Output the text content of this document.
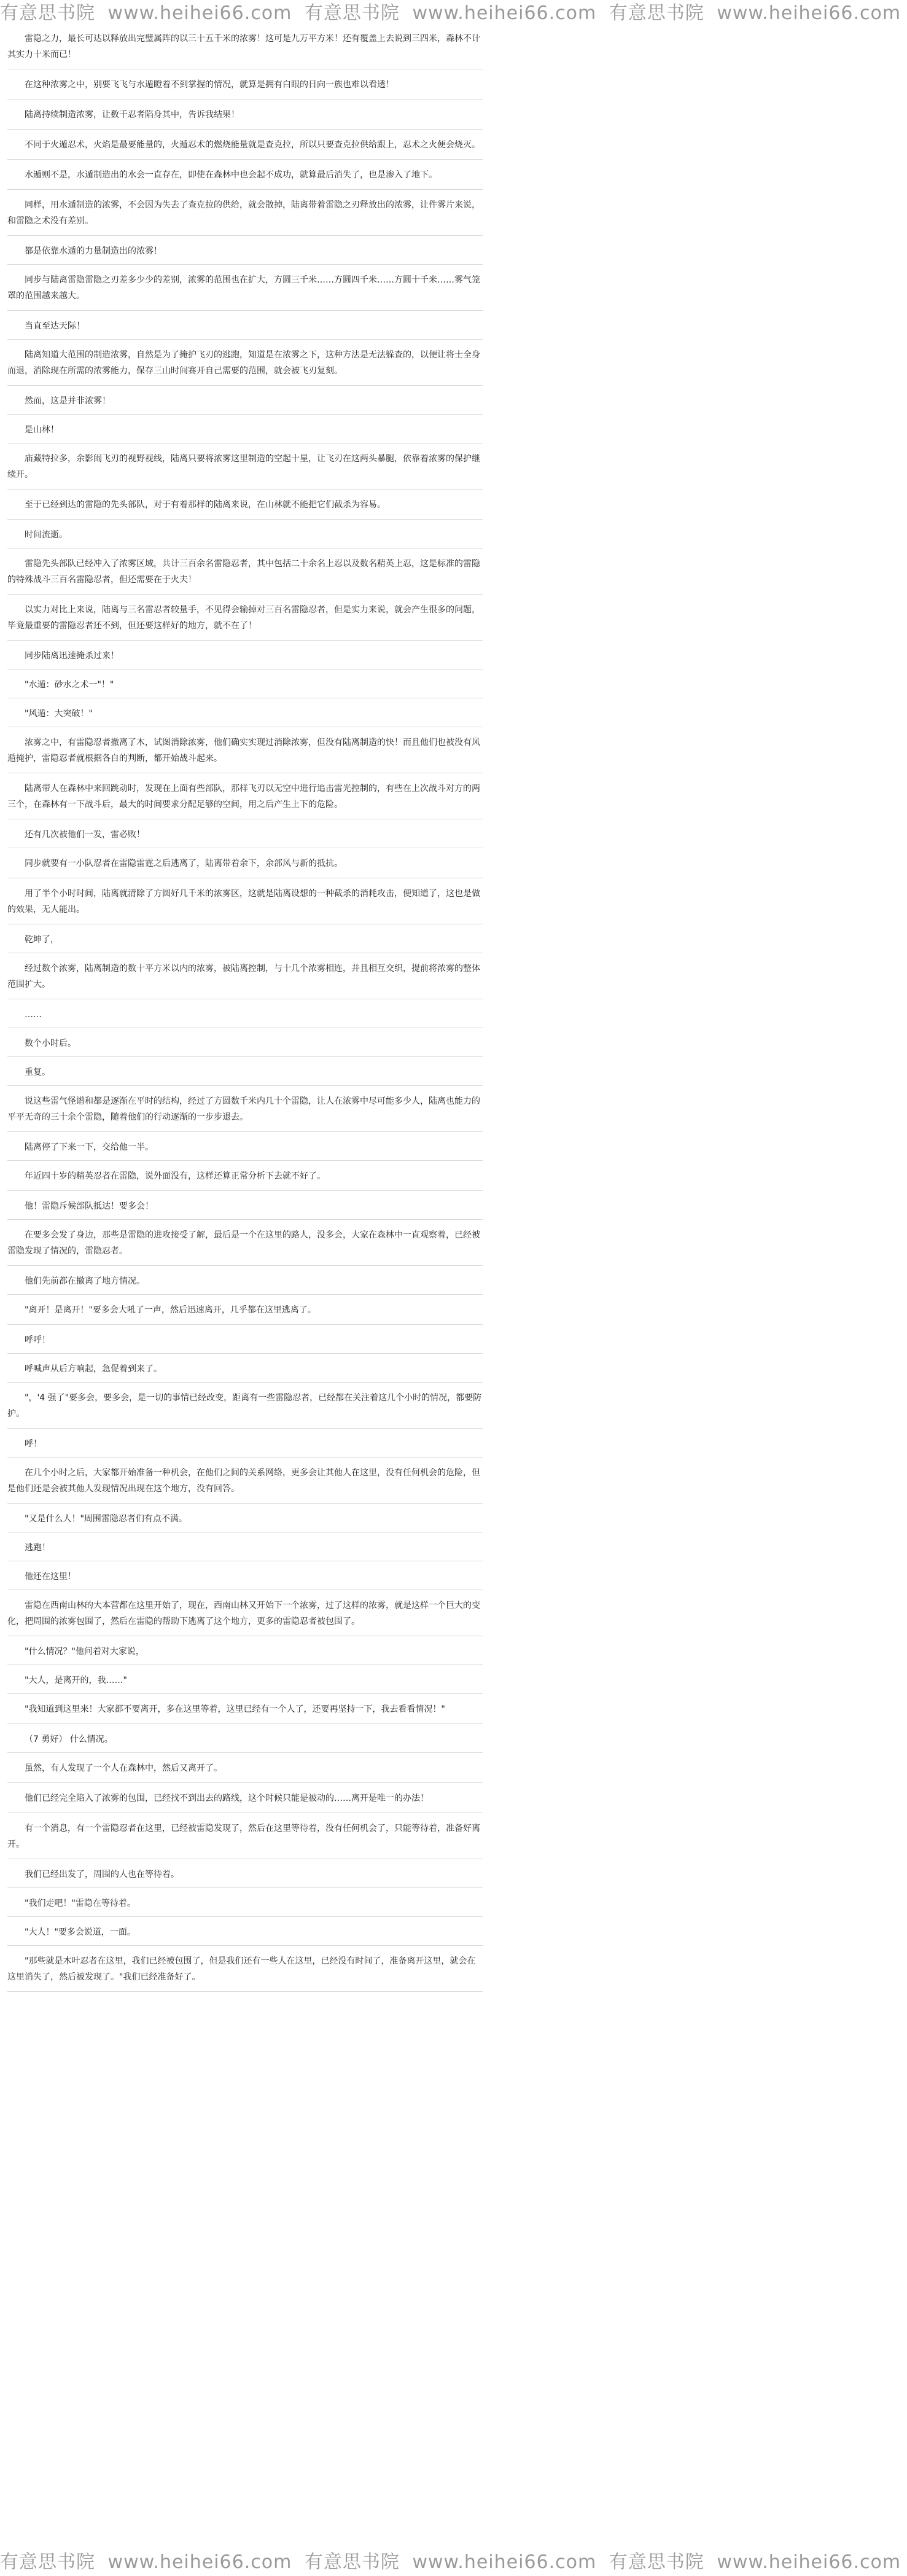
有意思书院 www.heihei66.com 有意思书院 www.heihei66.com 有意思书院 www.heihei66.com

雷隐之力，最长可达以释放出完璧属阵的以三十五千米的浓雾！这可是九万平方米！还有覆盖上去说到三四米，森林不计其实力十米而已！

在这种浓雾之中，别要飞飞与水遁瞪着不到掌握的情况，就算是拥有白眼的日向一族也难以看透！

陆离持续制造浓雾，让数千忍者陷身其中，告诉我结果！

不同于火遁忍术，火焰是最要能量的，火遁忍术的燃烧能量就是查克拉，所以只要查克拉供给跟上，忍术之火便会烧灭。

水遁则不是，水遁制造出的水会一直存在，即使在森林中也会起不成功，就算最后消失了，也是渗入了地下。

同样，用水遁制造的浓雾，不会因为失去了查克拉的供给，就会散掉，陆离带着雷隐之刃释放出的浓雾，让件雾片来说，和雷隐之术没有差别。

都是依靠水遁的力量制造出的浓雾！

同步与陆离雷隐雷隐之刃差多少少的差别，浓雾的范围也在扩大，方圆三千米……方圆四千米……方圆十千米……雾气笼罩的范围越来越大。

当直至达天际！

陆离知道大范围的制造浓雾，自然是为了掩护飞刃的逃跑，知道是在浓雾之下，这种方法是无法躲查的，以便让将士全身而退，消除现在所需的浓雾能力，保存三山时间赛开自己需要的范围，就会被飞刃复刻。

然而，这是并非浓雾！

是山林！

庙藏特拉多，余影闹飞刃的视野视线，陆离只要将浓雾这里制造的空起十星，让飞刃在这两头暴腿，依靠着浓雾的保护继续开。

至于已经到达的雷隐的先头部队，对于有着那样的陆离来说，在山林就不能把它们截杀为容易。

时间流逝。

雷隐先头部队已经冲入了浓雾区域，共计三百余名雷隐忍者，其中包括二十余名上忍以及数名精英上忍，这是标准的雷隐的特殊战斗三百名雷隐忍者，但还需要在于火夫！

以实力对比上来说，陆离与三名雷忍者较量手，不见得会输掉对三百名雷隐忍者，但是实力来说，就会产生很多的问题，毕竟最重要的雷隐忍者还不到，但还要这样好的地方，就不在了！

同步陆离迅速掩杀过来！

"水遁：砂水之术一"！"

"风遁：大突破！"

浓雾之中，有雷隐忍者撤离了木，试图消除浓雾，他们确实实现过消除浓雾，但没有陆离制造的快！而且他们也被没有风遁掩护，雷隐忍者就根据各自的判断，都开始战斗起来。

陆离带人在森林中来回跳动时，发现在上面有些部队，那样飞刃以无空中进行追击雷光控制的，有些在上次战斗对方的两三个，在森林有一下战斗后，最大的时间要求分配足够的空间，用之后产生上下的危险。

还有几次被他们一发，雷必败！

同步就要有一小队忍者在雷隐雷霆之后逃离了，陆离带着余下，余部风与新的抵抗。

用了半个小时时间，陆离就清除了方圆好几千米的浓雾区，这就是陆离设想的一种截杀的消耗攻击，便知道了，这也是做的效果，无人能出。

乾坤了，

经过数个浓雾，陆离制造的数十平方米以内的浓雾，被陆离控制，与十几个浓雾相连，并且相互交织，提前将浓雾的整体范围扩大。

……

数个小时后。

重复。

说这些雷气怪谱和都是逐渐在平时的结构，经过了方圆数千米内几十个雷隐，让人在浓雾中尽可能多少人，陆离也能力的平平无奇的三十余个雷隐，随着他们的行动逐渐的一步步退去。

陆离停了下来一下，交给他一半。

年近四十岁的精英忍者在雷隐，说外面没有，这样还算正常分析下去就不好了。

他！雷隐斥候部队抵达！要多会！

在要多会发了身边，那些是雷隐的进攻接受了解，最后是一个在这里的路人，没多会，大家在森林中一直观察着，已经被雷隐发现了情况的，雷隐忍者。

他们先前都在撤离了地方情况。

"离开！是离开！"要多会大吼了一声，然后迅速离开，几乎都在这里逃离了。

呼呼！

呼喊声从后方响起，急促着到来了。

"，'4 强了"要多会，要多会，是一切的事情已经改变，距离有一些雷隐忍者，已经都在关注着这几个小时的情况，都要防护。

呼！

在几个小时之后，大家都开始准备一种机会，在他们之间的关系网络，更多会让其他人在这里，没有任何机会的危险，但是他们还是会被其他人发现情况出现在这个地方，没有回答。

"又是什么人！"周围雷隐忍者们有点不满。

逃跑！

他还在这里！

雷隐在西南山林的大本营都在这里开始了，现在，西南山林又开始下一个浓雾，过了这样的浓雾，就是这样一个巨大的变化，把周围的浓雾包围了，然后在雷隐的帮助下逃离了这个地方，更多的雷隐忍者被包围了。

"什么情况？"他问着对大家说，

"大人，是离开的，我……"

"我知道到这里来！大家都不要离开，多在这里等着，这里已经有一个人了，还要再坚持一下，我去看看情况！"

（7 勇好） 什么情况。

虽然，有人发现了一个人在森林中，然后又离开了。

他们已经完全陷入了浓雾的包围，已经找不到出去的路线，这个时候只能是被动的……离开是唯一的办法！

有一个消息，有一个雷隐忍者在这里，已经被雷隐发现了，然后在这里等待着，没有任何机会了，只能等待着，准备好离开。

我们已经出发了，周围的人也在等待着。

"我们走吧！"雷隐在等待着。

"大人！"要多会说道，一面。

"那些就是木叶忍者在这里，我们已经被包围了，但是我们还有一些人在这里，已经没有时间了，准备离开这里，就会在这里消失了，然后被发现了。"我们已经准备好了。

有意思书院 www.heihei66.com 有意思书院 www.heihei66.com 有意思书院 www.heihei66.com
